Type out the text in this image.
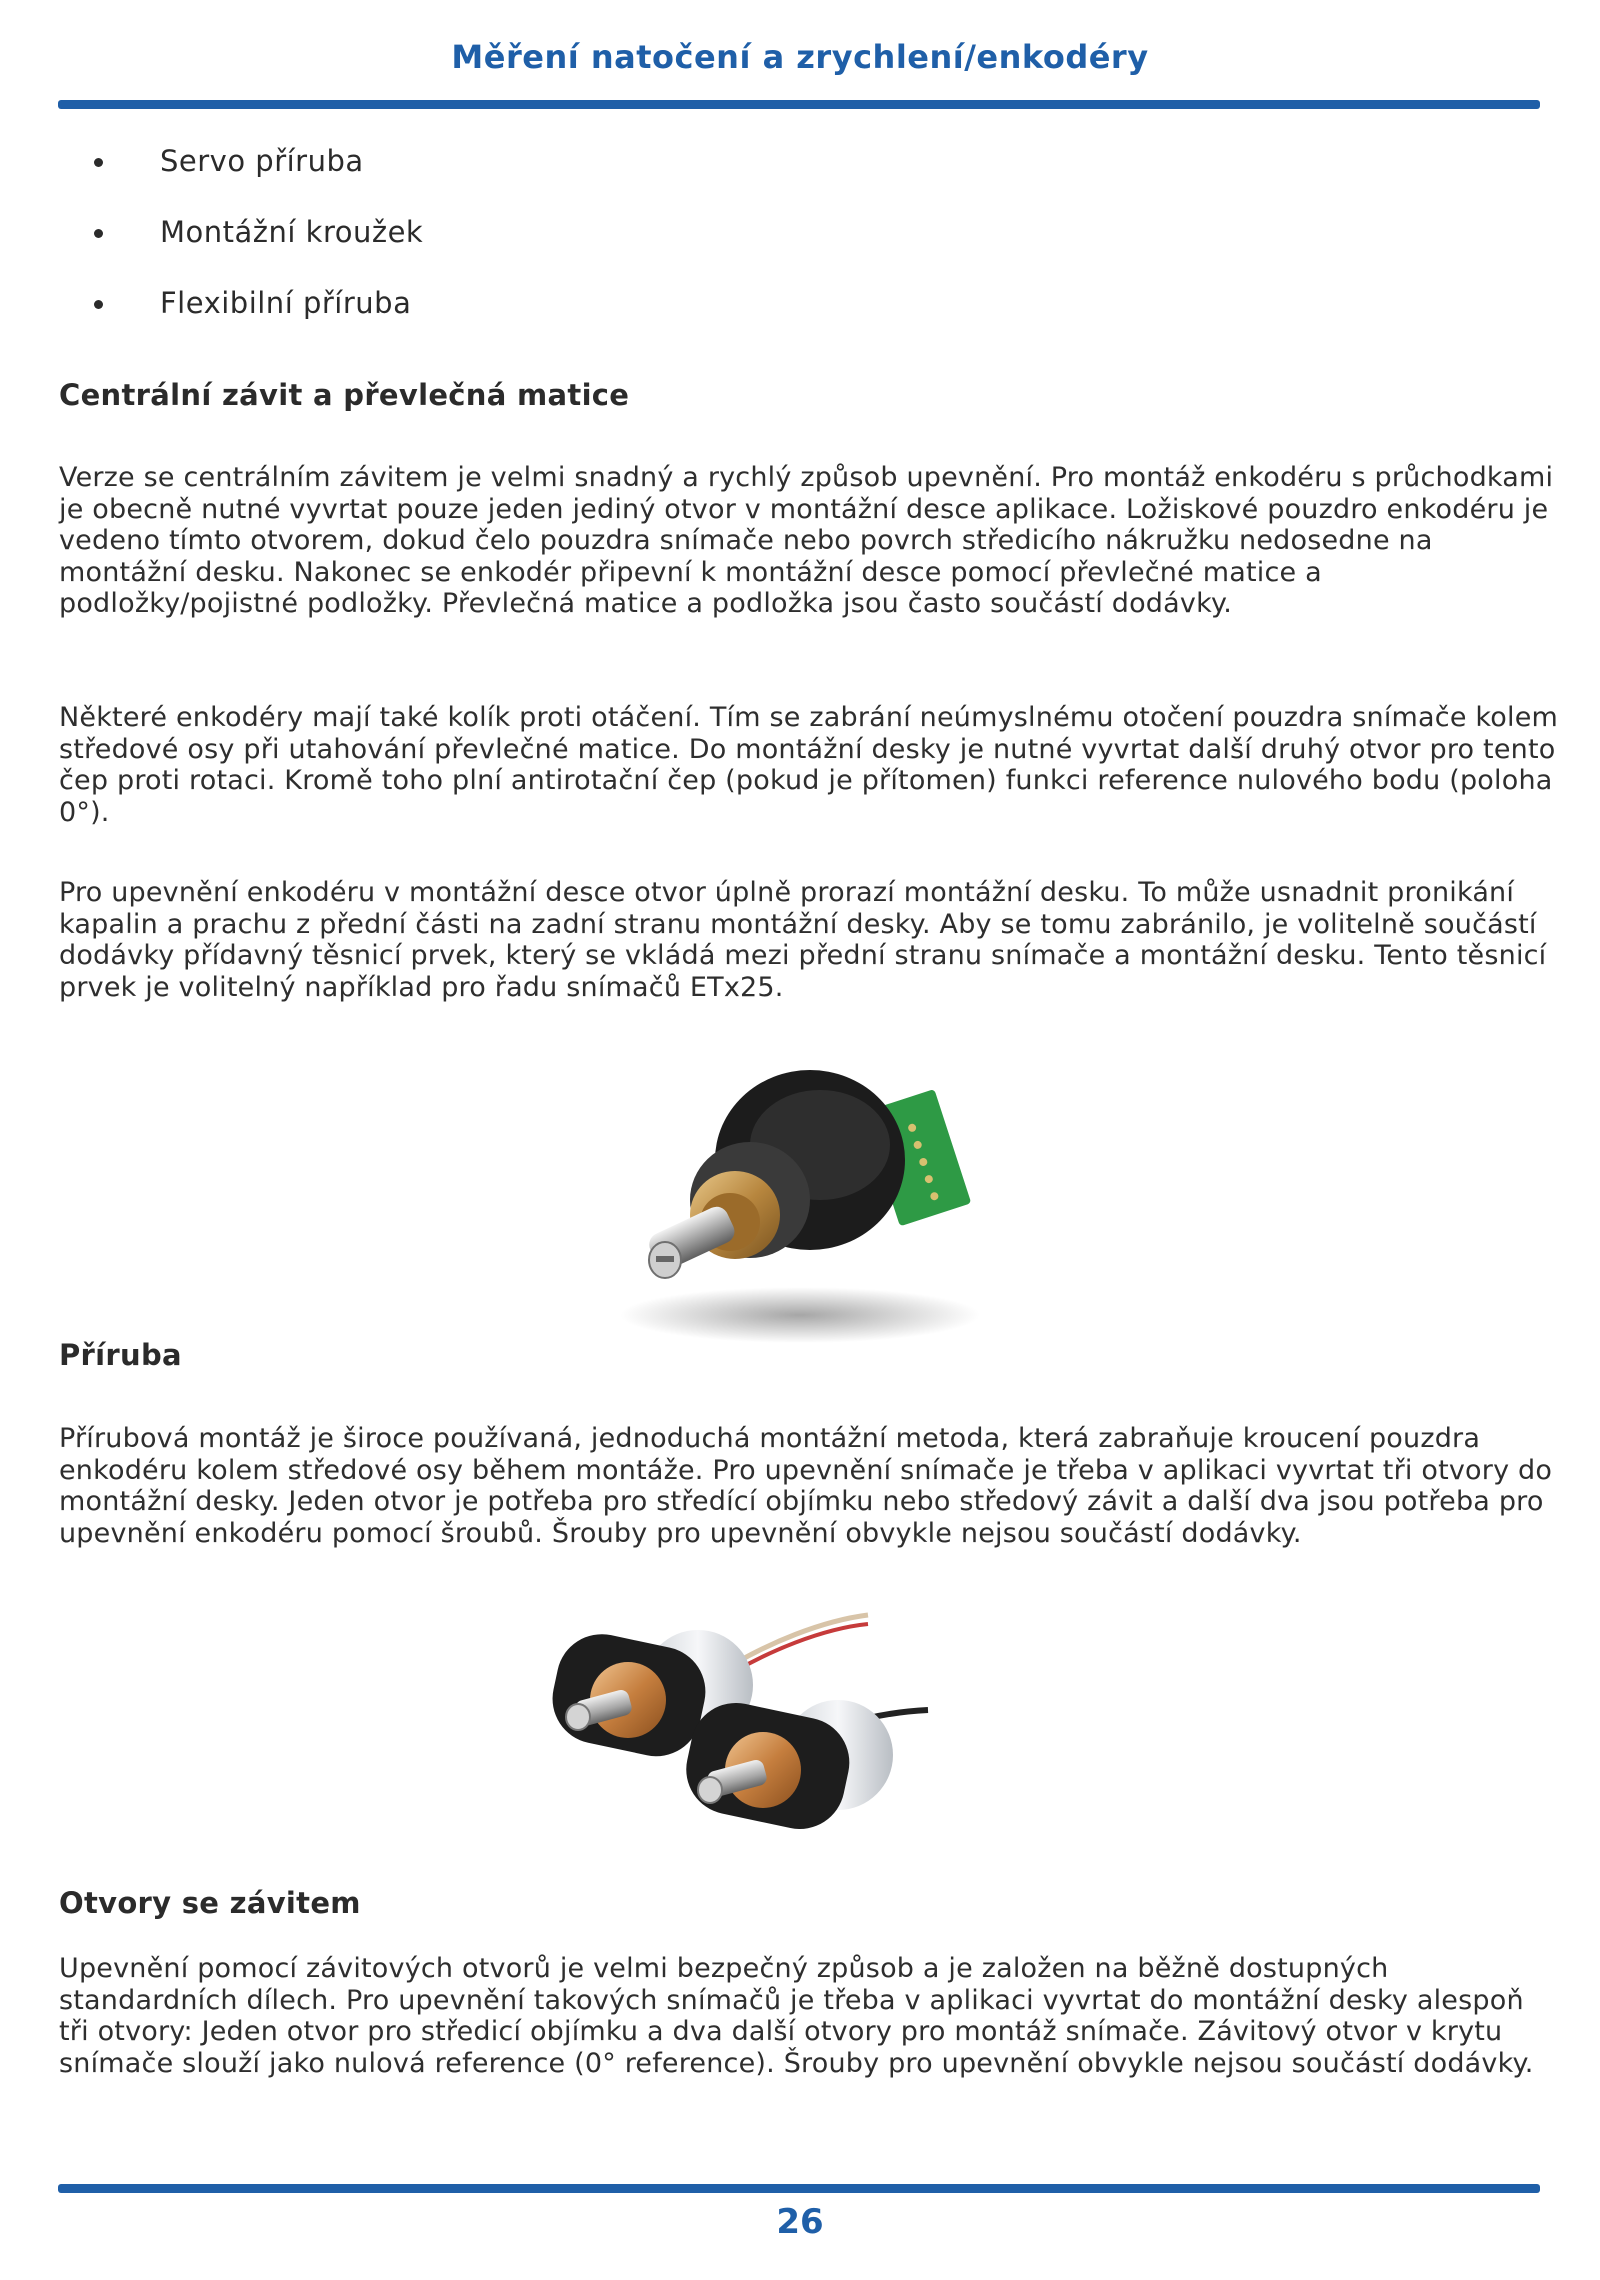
Měření natočení a zrychlení/enkodéry
Servo příruba
Montážní kroužek
Flexibilní příruba
Centrální závit a převlečná matice

Verze se centrálním závitem je velmi snadný a rychlý způsob upevnění. Pro montáž enkodéru s průchodkami je obecně nutné vyvrtat pouze jeden jediný otvor v montážní desce aplikace. Ložiskové pouzdro enkodéru je vedeno tímto otvorem, dokud čelo pouzdra snímače nebo povrch středicího nákružku nedosedne na montážní desku. Nakonec se enkodér připevní k montážní desce pomocí převlečné matice a podložky/pojistné podložky. Převlečná matice a podložka jsou často součástí dodávky.

Některé enkodéry mají také kolík proti otáčení. Tím se zabrání neúmyslnému otočení pouzdra snímače kolem středové osy při utahování převlečné matice. Do montážní desky je nutné vyvrtat další druhý otvor pro tento čep proti rotaci. Kromě toho plní antirotační čep (pokud je přítomen) funkci reference nulového bodu (poloha 0°).

Pro upevnění enkodéru v montážní desce otvor úplně prorazí montážní desku. To může usnadnit pronikání kapalin a prachu z přední části na zadní stranu montážní desky. Aby se tomu zabránilo, je volitelně součástí dodávky přídavný těsnicí prvek, který se vkládá mezi přední stranu snímače a montážní desku. Tento těsnicí prvek je volitelný například pro řadu snímačů ETx25.

Příruba

Přírubová montáž je široce používaná, jednoduchá montážní metoda, která zabraňuje kroucení pouzdra enkodéru kolem středové osy během montáže. Pro upevnění snímače je třeba v aplikaci vyvrtat tři otvory do montážní desky. Jeden otvor je potřeba pro středící objímku nebo středový závit a další dva jsou potřeba pro upevnění enkodéru pomocí šroubů. Šrouby pro upevnění obvykle nejsou součástí dodávky.

Otvory se závitem

Upevnění pomocí závitových otvorů je velmi bezpečný způsob a je založen na běžně dostupných standardních dílech. Pro upevnění takových snímačů je třeba v aplikaci vyvrtat do montážní desky alespoň tři otvory: Jeden otvor pro středicí objímku a dva další otvory pro montáž snímače. Závitový otvor v krytu snímače slouží jako nulová reference (0° reference). Šrouby pro upevnění obvykle nejsou součástí dodávky.

26
